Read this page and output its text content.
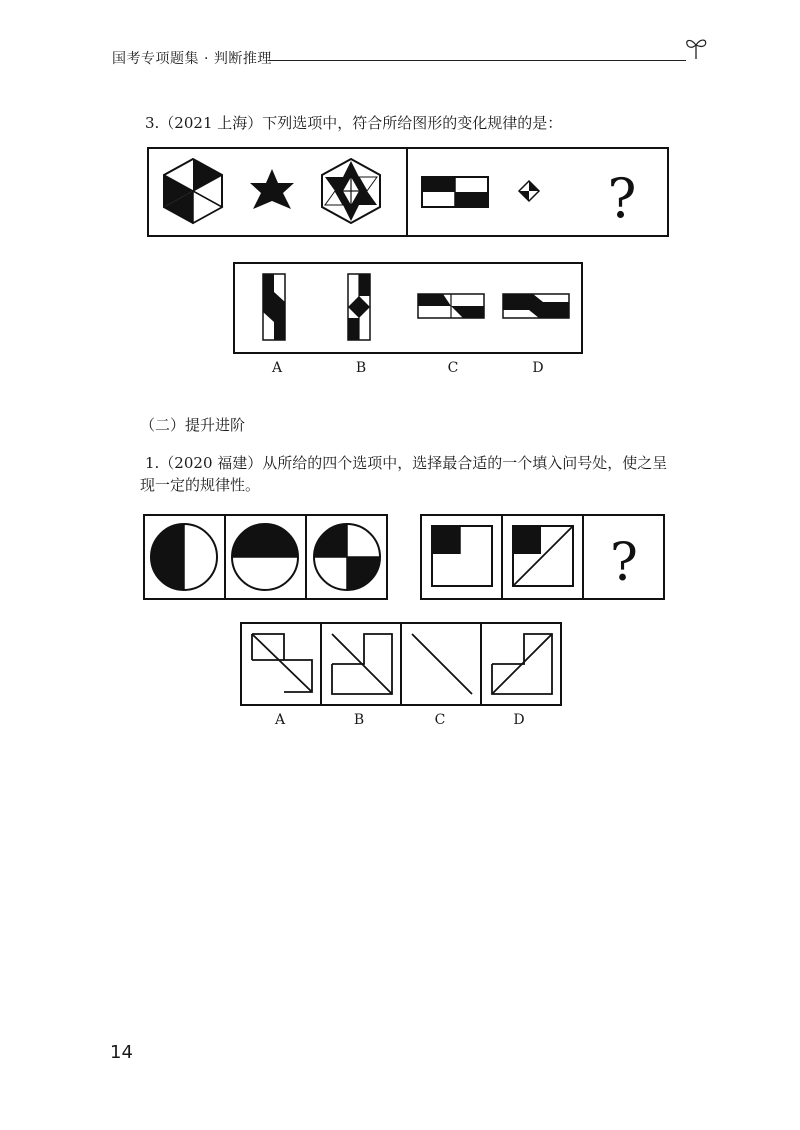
国考专项题集 · 判断推理
3.（2021 上海）下列选项中，符合所给图形的变化规律的是：
?
A	B	C	D
（二）提升进阶
1.（2020 福建）从所给的四个选项中，选择最合适的一个填入问号处，使之呈
现一定的规律性。
?
A	B	C	D
14
